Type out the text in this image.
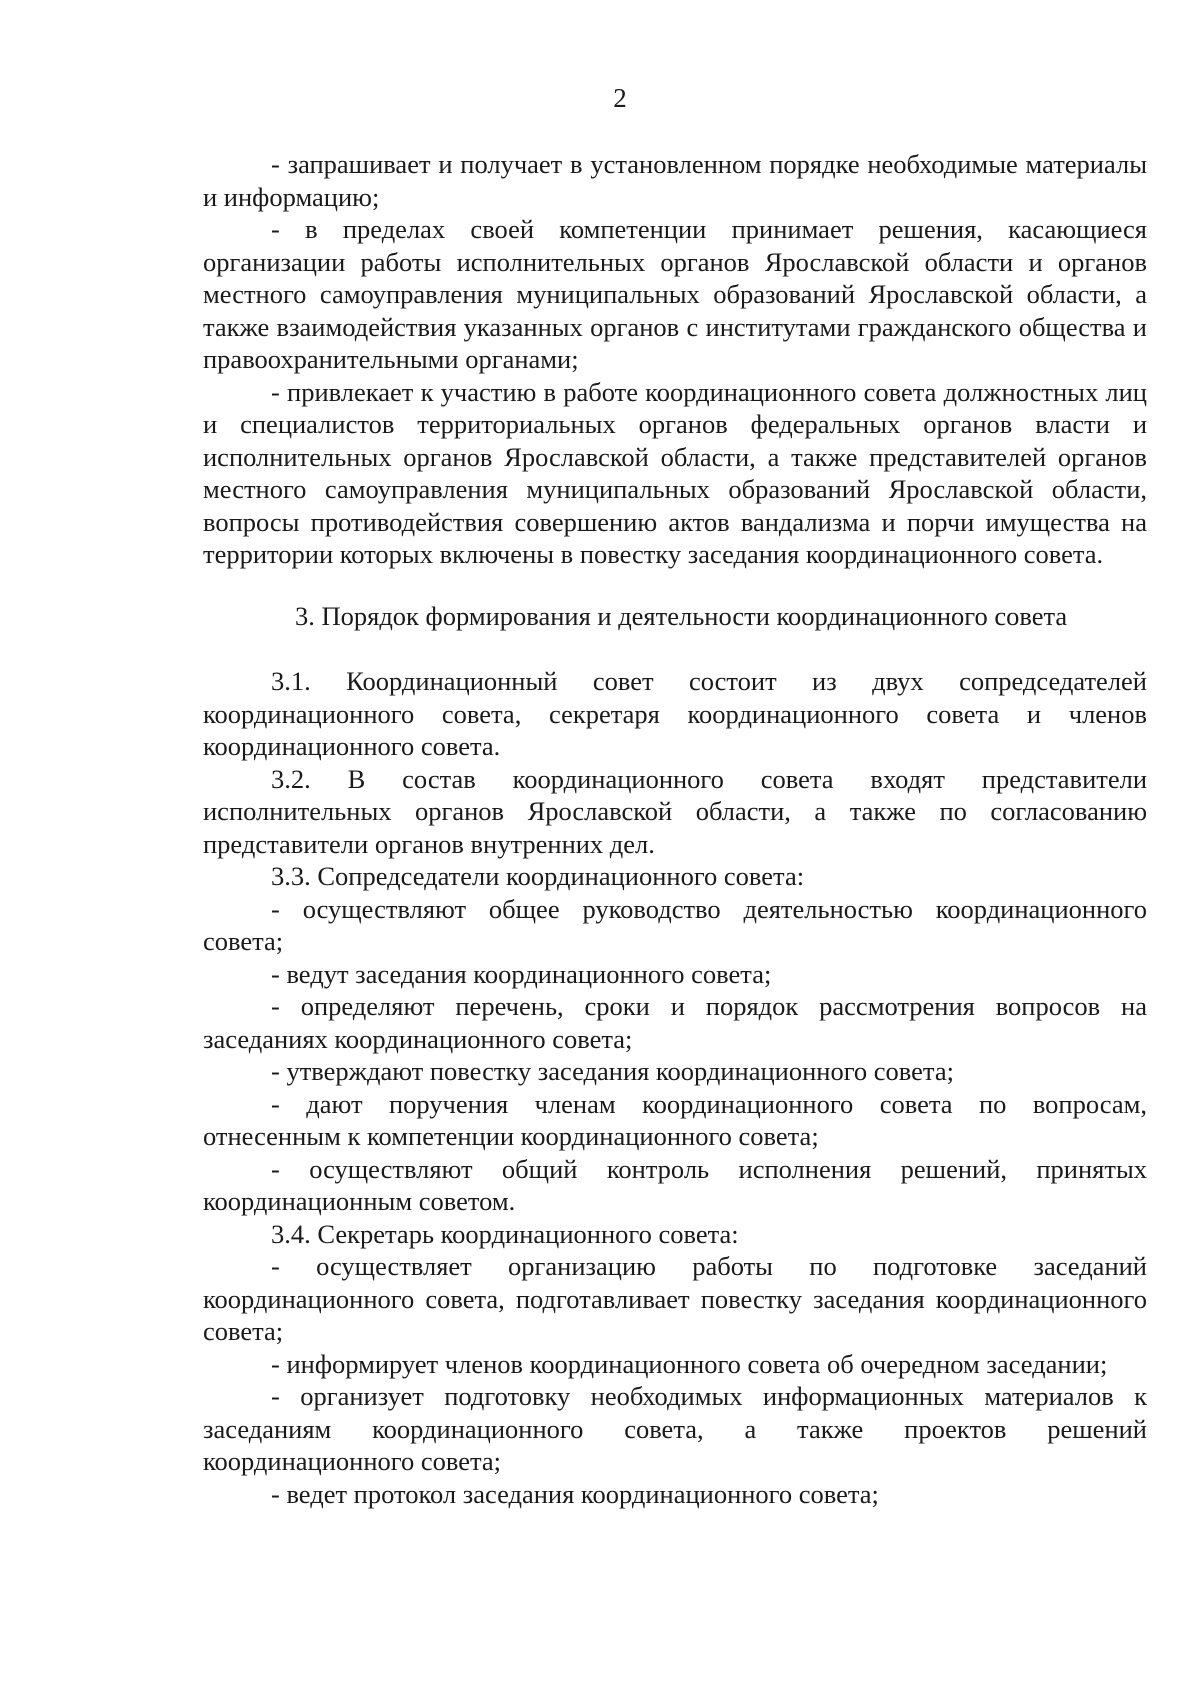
2

- запрашивает и получает в установленном порядке необходимые материалы и информацию;

- в пределах своей компетенции принимает решения, касающиеся организации работы исполнительных органов Ярославской области и органов местного самоуправления муниципальных образований Ярославской области, а также взаимодействия указанных органов с институтами гражданского общества и правоохранительными органами;

- привлекает к участию в работе координационного совета должностных лиц и специалистов территориальных органов федеральных органов власти и исполнительных органов Ярославской области, а также представителей органов местного самоуправления муниципальных образований Ярославской области, вопросы противодействия совершению актов вандализма и порчи имущества на территории которых включены в повестку заседания координационного совета.

3. Порядок формирования и деятельности координационного совета

3.1. Координационный совет состоит из двух сопредседателей координационного совета, секретаря координационного совета и членов координационного совета.

3.2. В состав координационного совета входят представители исполнительных органов Ярославской области, а также по согласованию представители органов внутренних дел.

3.3. Сопредседатели координационного совета:

- осуществляют общее руководство деятельностью координационного совета;

- ведут заседания координационного совета;

- определяют перечень, сроки и порядок рассмотрения вопросов на заседаниях координационного совета;

- утверждают повестку заседания координационного совета;

- дают поручения членам координационного совета по вопросам, отнесенным к компетенции координационного совета;

- осуществляют общий контроль исполнения решений, принятых координационным советом.

3.4. Секретарь координационного совета:

- осуществляет организацию работы по подготовке заседаний координационного совета, подготавливает повестку заседания координационного совета;

- информирует членов координационного совета об очередном заседании;

- организует подготовку необходимых информационных материалов к заседаниям координационного совета, а также проектов решений координационного совета;

- ведет протокол заседания координационного совета;
